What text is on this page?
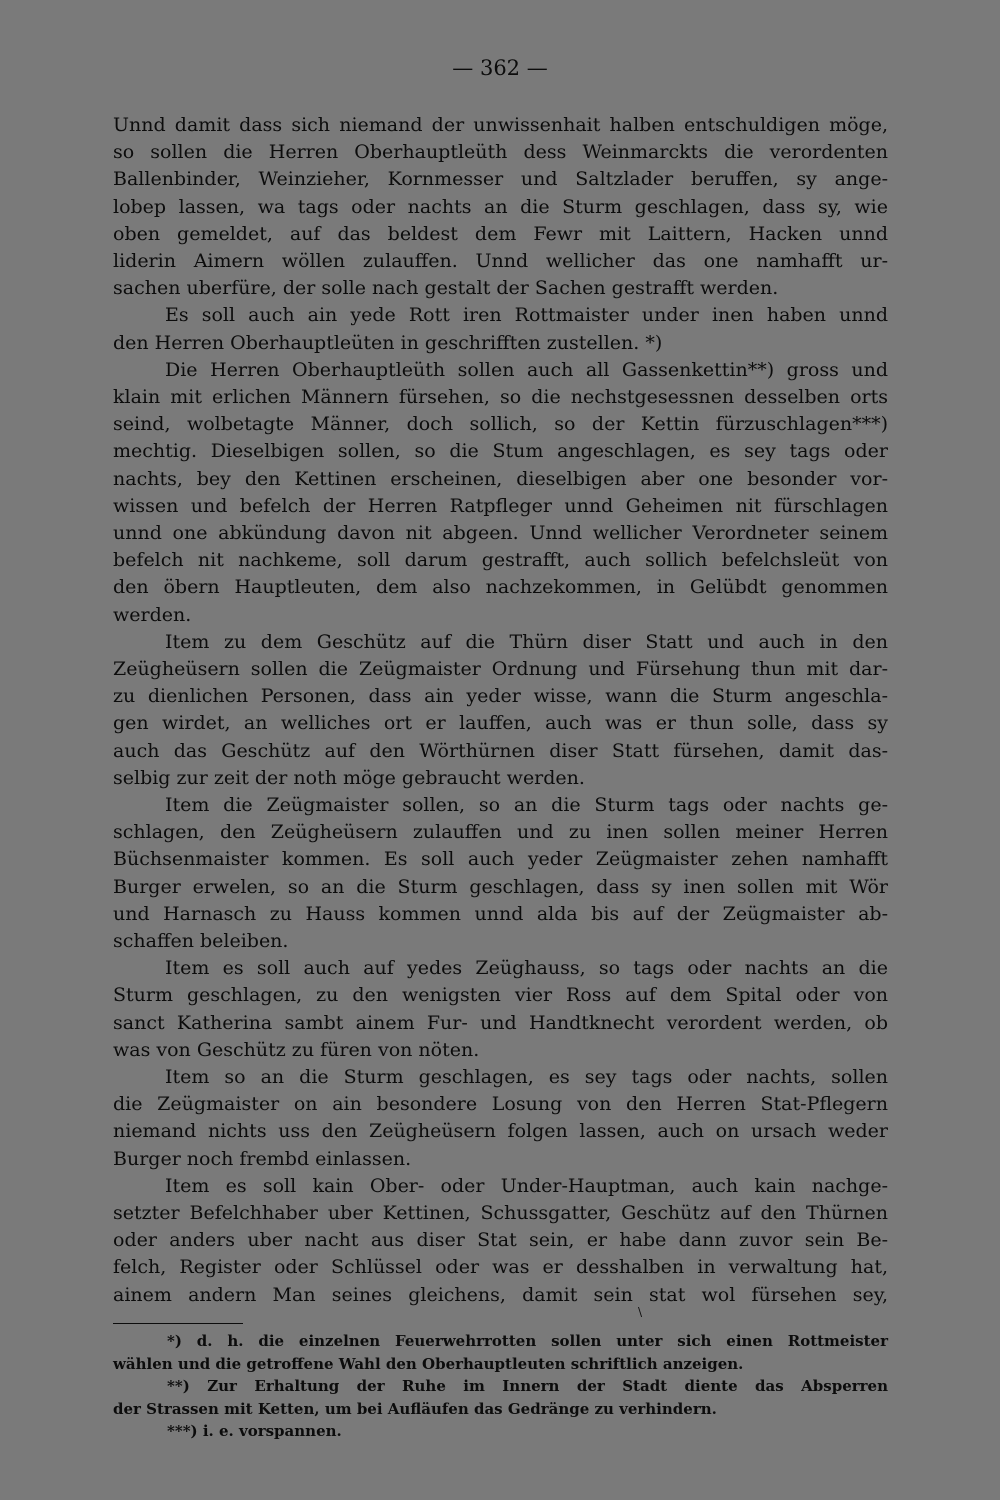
— 362 —
Unnd damit dass sich niemand der unwissenhait halben entschuldigen möge,
so sollen die Herren Oberhauptleüth dess Weinmarckts die verordenten
Ballenbinder, Weinzieher, Kornmesser und Saltzlader beruffen, sy ange-
lobep lassen, wa tags oder nachts an die Sturm geschlagen, dass sy, wie
oben gemeldet, auf das beldest dem Fewr mit Laittern, Hacken unnd
liderin Aimern wöllen zulauffen. Unnd wellicher das one namhafft ur-
sachen uberfüre, der solle nach gestalt der Sachen gestrafft werden.
Es soll auch ain yede Rott iren Rottmaister under inen haben unnd
den Herren Oberhauptleüten in geschrifften zustellen. *)
Die Herren Oberhauptleüth sollen auch all Gassenkettin**) gross und
klain mit erlichen Männern fürsehen, so die nechstgesessnen desselben orts
seind, wolbetagte Männer, doch sollich, so der Kettin fürzuschlagen***)
mechtig. Dieselbigen sollen, so die Stum angeschlagen, es sey tags oder
nachts, bey den Kettinen erscheinen, dieselbigen aber one besonder vor-
wissen und befelch der Herren Ratpfleger unnd Geheimen nit fürschlagen
unnd one abkündung davon nit abgeen. Unnd wellicher Verordneter seinem
befelch nit nachkeme, soll darum gestrafft, auch sollich befelchsleüt von
den öbern Hauptleuten, dem also nachzekommen, in Gelübdt genommen
werden.
Item zu dem Geschütz auf die Thürn diser Statt und auch in den
Zeügheüsern sollen die Zeügmaister Ordnung und Fürsehung thun mit dar-
zu dienlichen Personen, dass ain yeder wisse, wann die Sturm angeschla-
gen wirdet, an welliches ort er lauffen, auch was er thun solle, dass sy
auch das Geschütz auf den Wörthürnen diser Statt fürsehen, damit das-
selbig zur zeit der noth möge gebraucht werden.
Item die Zeügmaister sollen, so an die Sturm tags oder nachts ge-
schlagen, den Zeügheüsern zulauffen und zu inen sollen meiner Herren
Büchsenmaister kommen. Es soll auch yeder Zeügmaister zehen namhafft
Burger erwelen, so an die Sturm geschlagen, dass sy inen sollen mit Wör
und Harnasch zu Hauss kommen unnd alda bis auf der Zeügmaister ab-
schaffen beleiben.
Item es soll auch auf yedes Zeüghauss, so tags oder nachts an die
Sturm geschlagen, zu den wenigsten vier Ross auf dem Spital oder von
sanct Katherina sambt ainem Fur- und Handtknecht verordent werden, ob
was von Geschütz zu füren von nöten.
Item so an die Sturm geschlagen, es sey tags oder nachts, sollen
die Zeügmaister on ain besondere Losung von den Herren Stat-Pflegern
niemand nichts uss den Zeügheüsern folgen lassen, auch on ursach weder
Burger noch frembd einlassen.
Item es soll kain Ober- oder Under-Hauptman, auch kain nachge-
setzter Befelchhaber uber Kettinen, Schussgatter, Geschütz auf den Thürnen
oder anders uber nacht aus diser Stat sein, er habe dann zuvor sein Be-
felch, Register oder Schlüssel oder was er desshalben in verwaltung hat,
ainem andern Man seines gleichens, damit sein stat wol fürsehen sey,
\
*) d. h. die einzelnen Feuerwehrrotten sollen unter sich einen Rottmeister
wählen und die getroffene Wahl den Oberhauptleuten schriftlich anzeigen.
**) Zur Erhaltung der Ruhe im Innern der Stadt diente das Absperren
der Strassen mit Ketten, um bei Aufläufen das Gedränge zu verhindern.
***) i. e. vorspannen.
